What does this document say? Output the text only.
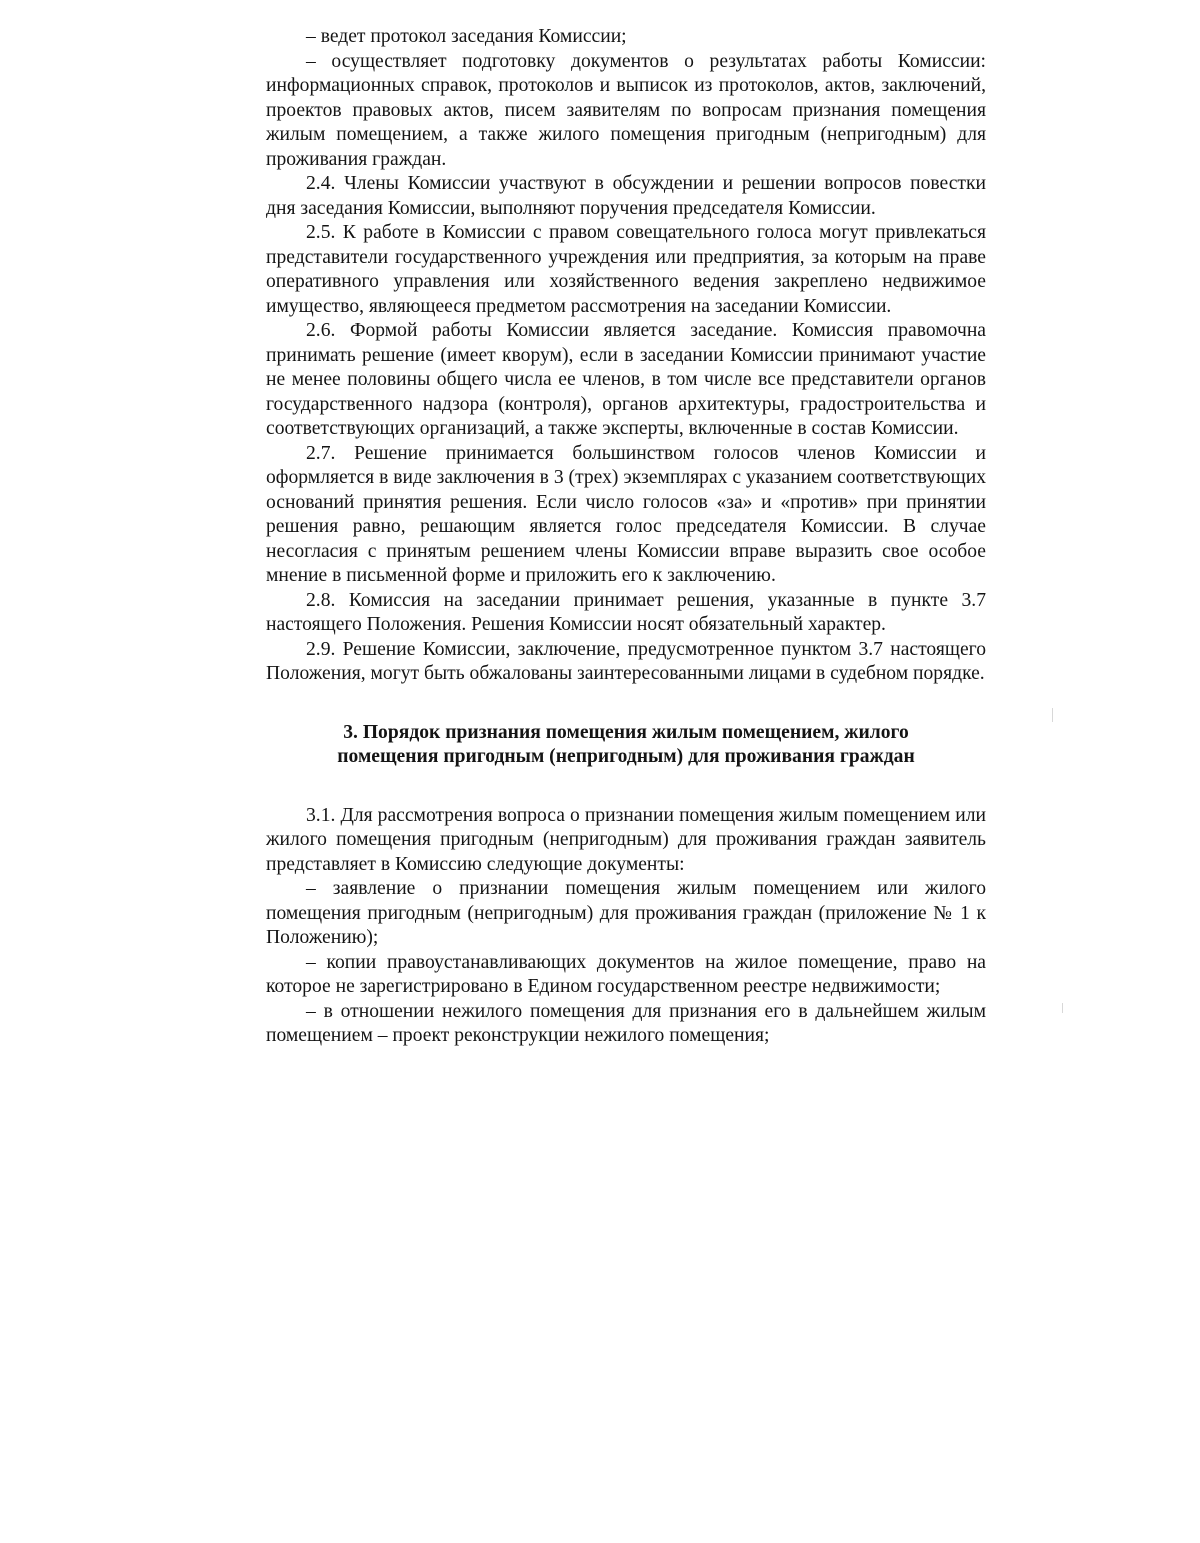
– ведет протокол заседания Комиссии;

– осуществляет подготовку документов о результатах работы Комиссии: информационных справок, протоколов и выписок из протоколов, актов, заключений, проектов правовых актов, писем заявителям по вопросам признания помещения жилым помещением, а также жилого помещения пригодным (непригодным) для проживания граждан.

2.4. Члены Комиссии участвуют в обсуждении и решении вопросов повестки дня заседания Комиссии, выполняют поручения председателя Комиссии.

2.5. К работе в Комиссии с правом совещательного голоса могут привлекаться представители государственного учреждения или предприятия, за которым на праве оперативного управления или хозяйственного ведения закреплено недвижимое имущество, являющееся предметом рассмотрения на заседании Комиссии.

2.6. Формой работы Комиссии является заседание. Комиссия правомочна принимать решение (имеет кворум), если в заседании Комиссии принимают участие не менее половины общего числа ее членов, в том числе все представители органов государственного надзора (контроля), органов архитектуры, градостроительства и соответствующих организаций, а также эксперты, включенные в состав Комиссии.

2.7. Решение принимается большинством голосов членов Комиссии и оформляется в виде заключения в 3 (трех) экземплярах с указанием соответствующих оснований принятия решения. Если число голосов «за» и «против» при принятии решения равно, решающим является голос председателя Комиссии. В случае несогласия с принятым решением члены Комиссии вправе выразить свое особое мнение в письменной форме и приложить его к заключению.

2.8. Комиссия на заседании принимает решения, указанные в пункте 3.7 настоящего Положения. Решения Комиссии носят обязательный характер.

2.9. Решение Комиссии, заключение, предусмотренное пунктом 3.7 настоящего Положения, могут быть обжалованы заинтересованными лицами в судебном порядке.

3. Порядок признания помещения жилым помещением, жилого
помещения пригодным (непригодным) для проживания граждан

3.1. Для рассмотрения вопроса о признании помещения жилым помещением или жилого помещения пригодным (непригодным) для проживания граждан заявитель представляет в Комиссию следующие документы:

– заявление о признании помещения жилым помещением или жилого помещения пригодным (непригодным) для проживания граждан (приложение № 1 к Положению);

– копии правоустанавливающих документов на жилое помещение, право на которое не зарегистрировано в Едином государственном реестре недвижимости;

– в отношении нежилого помещения для признания его в дальнейшем жилым помещением – проект реконструкции нежилого помещения;
